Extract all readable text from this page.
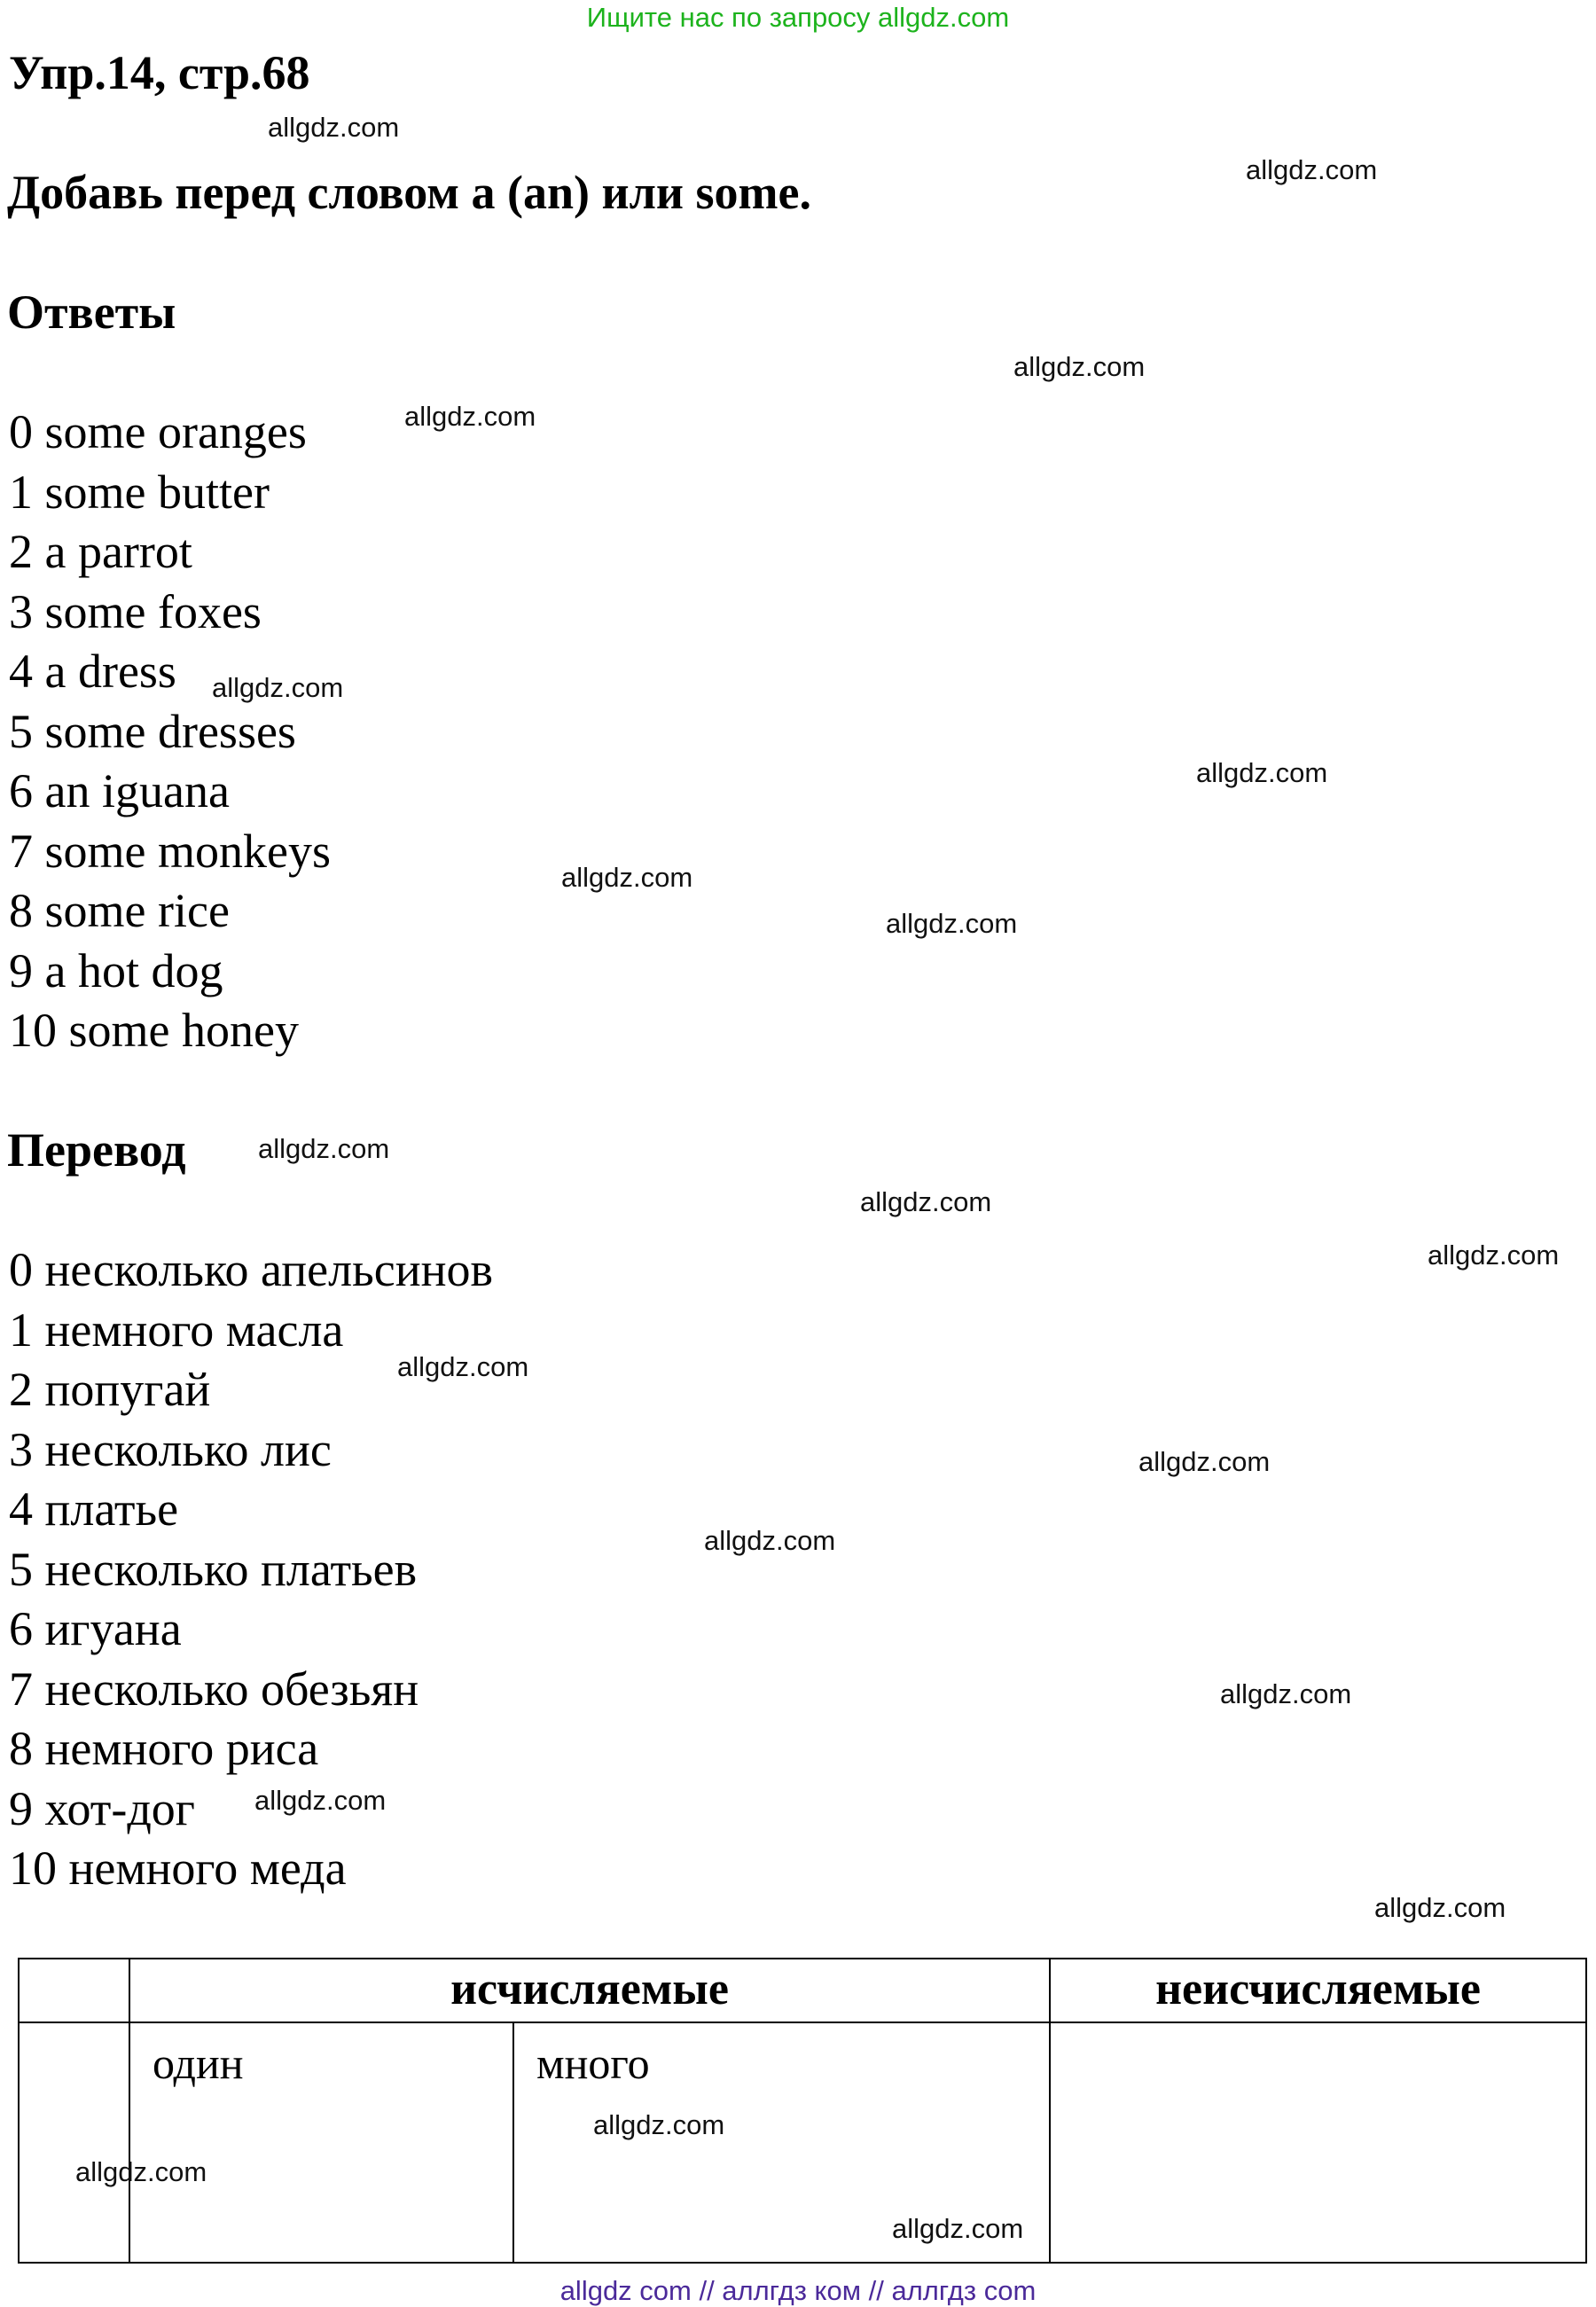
Ищите нас по запросу allgdz.com
Упр.14, стр.68
Добавь перед словом a (an) или some.
Ответы
0 some oranges
1 some butter
2 a parrot
3 some foxes
4 a dress
5 some dresses
6 an iguana
7 some monkeys
8 some rice
9 a hot dog
10 some honey
Перевод
0 несколько апельсинов
1 немного масла
2 попугай
3 несколько лис
4 платье
5 несколько платьев
6 игуана
7 несколько обезьян
8 немного риса
9 хот-дог
10 немного меда
	исчисляемые		неисчисляемые
	один	много	
allgdz.com
allgdz.com
allgdz.com
allgdz.com
allgdz.com
allgdz.com
allgdz.com
allgdz.com
allgdz.com
allgdz.com
allgdz.com
allgdz.com
allgdz.com
allgdz.com
allgdz.com
allgdz.com
allgdz.com
allgdz.com
allgdz.com
allgdz.com
allgdz com // аллгдз ком // аллгдз com
